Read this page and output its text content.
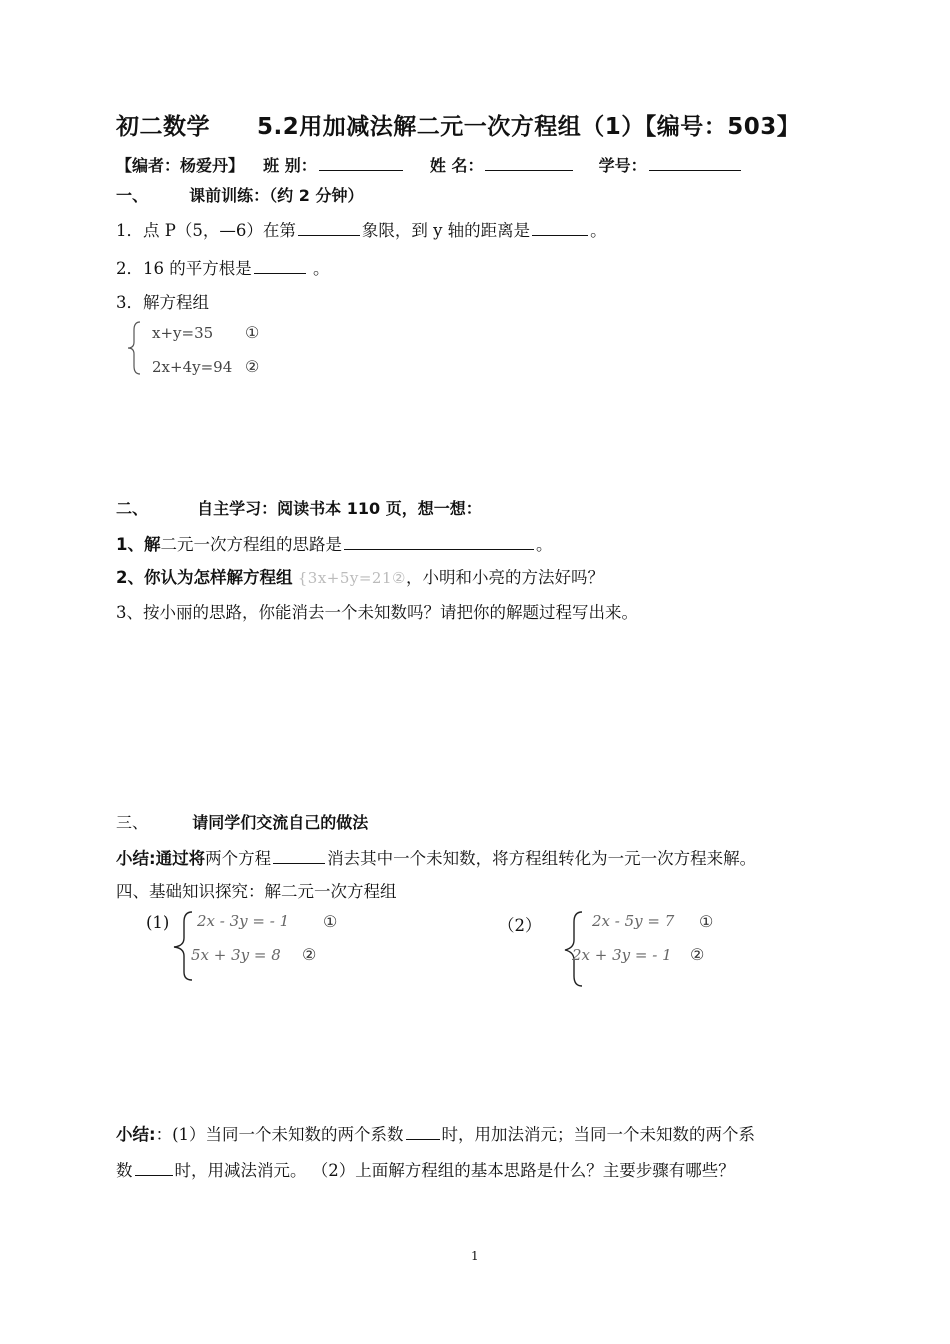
初二数学 5.2用加减法解二元一次方程组（1）【编号：503】
【编者：杨爱丹】 班 别：	姓 名：	学号：
一、	课前训练：（约 2 分钟）
1．点 P（5，—6）在第	象限，到 y 轴的距离是	。
2．16 的平方根是	。
3．解方程组
x+y=35 ①
2x+4y=94 ②
二、	自主学习：阅读书本 110 页，想一想：
1、解二元一次方程组的思路是	。
2、你认为怎样解方程组 {3x+5y=21②，小明和小亮的方法好吗？
3、按小丽的思路，你能消去一个未知数吗？请把你的解题过程写出来。
三、	请同学们交流自己的做法
小结:通过将两个方程	消去其中一个未知数，将方程组转化为一元一次方程来解。
四、基础知识探究：解二元一次方程组
(1) 2x - 3y = - 1 ①
5x + 3y = 8 ②
（2）	2x - 5y = 7 ①
2x + 3y = - 1 ②
小结:：(1）当同一个未知数的两个系数 时，用加法消元；当同一个未知数的两个系
数	时，用减法消元。 （2）上面解方程组的基本思路是什么？主要步骤有哪些？
1
